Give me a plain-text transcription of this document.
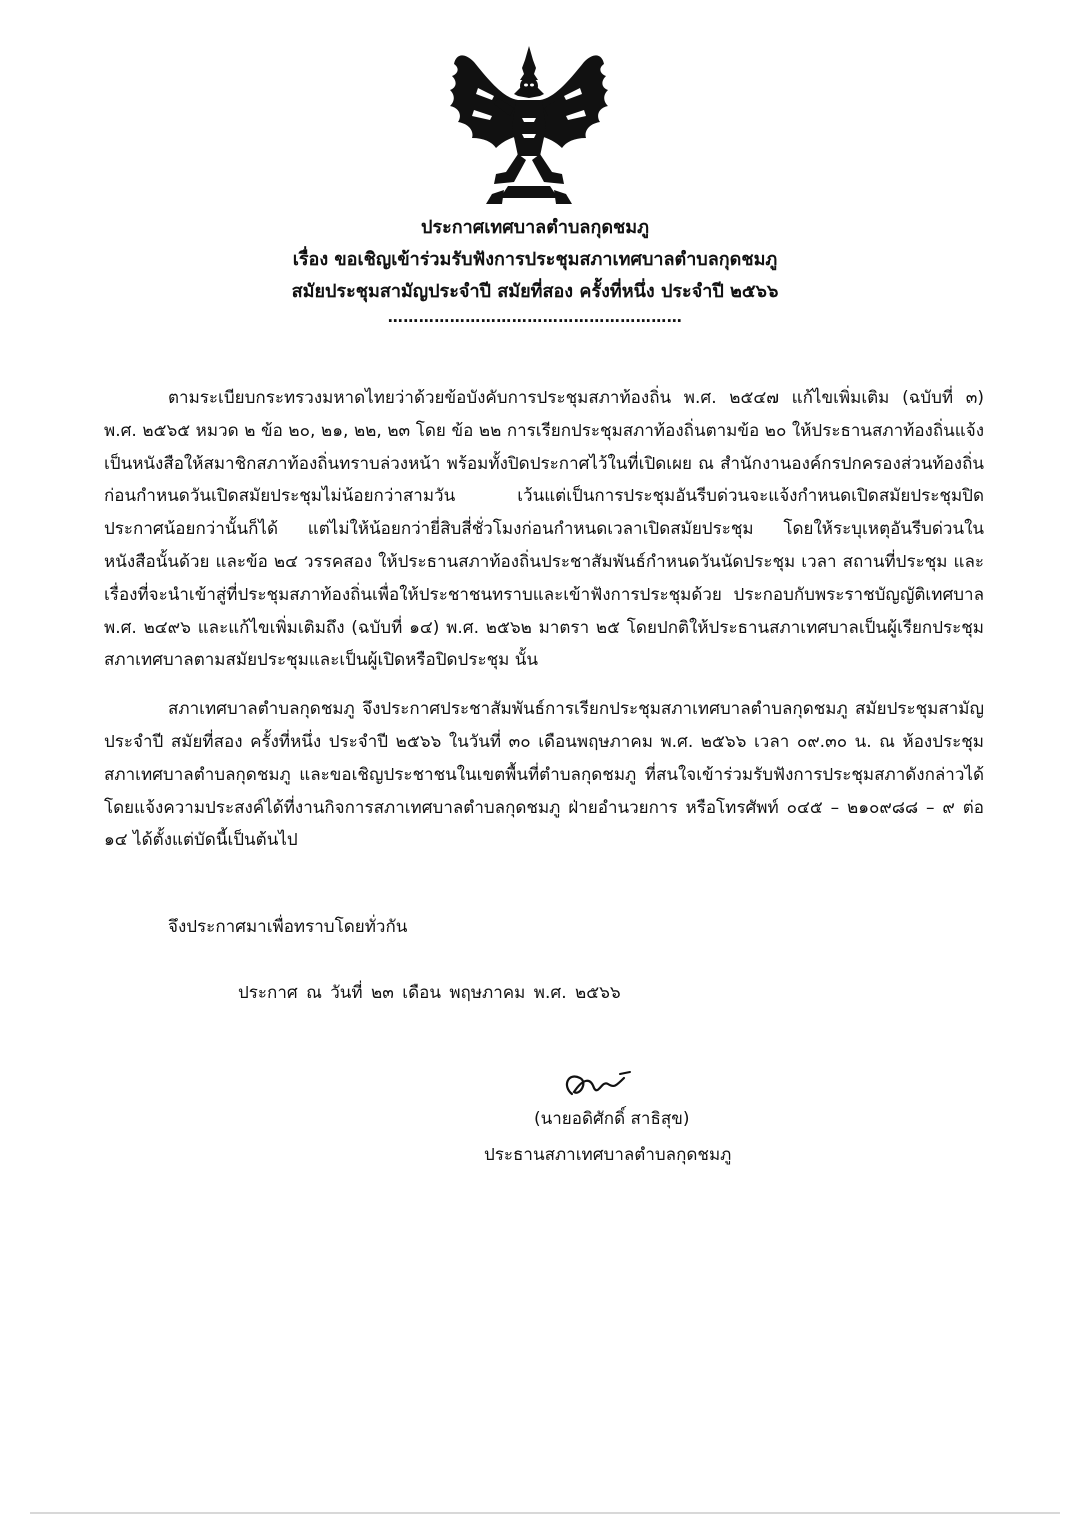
ประกาศเทศบาลตำบลกุดชมภู
เรื่อง ขอเชิญเข้าร่วมรับฟังการประชุมสภาเทศบาลตำบลกุดชมภู
สมัยประชุมสามัญประจำปี สมัยที่สอง ครั้งที่หนึ่ง ประจำปี ๒๕๖๖
…………………………………………………

ตามระเบียบกระทรวงมหาดไทยว่าด้วยข้อบังคับการประชุมสภาท้องถิ่น พ.ศ. ๒๕๔๗ แก้ไขเพิ่มเติม (ฉบับที่ ๓) พ.ศ. ๒๕๖๕ หมวด ๒ ข้อ ๒๐, ๒๑, ๒๒, ๒๓ โดย ข้อ ๒๒ การเรียกประชุมสภาท้องถิ่นตามข้อ ๒๐ ให้ประธานสภาท้องถิ่นแจ้งเป็นหนังสือให้สมาชิกสภาท้องถิ่นทราบล่วงหน้า พร้อมทั้งปิดประกาศไว้ในที่เปิดเผย ณ สำนักงานองค์กรปกครองส่วนท้องถิ่นก่อนกำหนดวันเปิดสมัยประชุมไม่น้อยกว่าสามวัน เว้นแต่เป็นการประชุมอันรีบด่วนจะแจ้งกำหนดเปิดสมัยประชุมปิดประกาศน้อยกว่านั้นก็ได้ แต่ไม่ให้น้อยกว่ายี่สิบสี่ชั่วโมงก่อนกำหนดเวลาเปิดสมัยประชุม โดยให้ระบุเหตุอันรีบด่วนในหนังสือนั้นด้วย และข้อ ๒๔ วรรคสอง ให้ประธานสภาท้องถิ่นประชาสัมพันธ์กำหนดวันนัดประชุม เวลา สถานที่ประชุม และเรื่องที่จะนำเข้าสู่ที่ประชุมสภาท้องถิ่นเพื่อให้ประชาชนทราบและเข้าฟังการประชุมด้วย ประกอบกับพระราชบัญญัติเทศบาล พ.ศ. ๒๔๙๖ และแก้ไขเพิ่มเติมถึง (ฉบับที่ ๑๔) พ.ศ. ๒๕๖๒ มาตรา ๒๕ โดยปกติให้ประธานสภาเทศบาลเป็นผู้เรียกประชุมสภาเทศบาลตามสมัยประชุมและเป็นผู้เปิดหรือปิดประชุม นั้น

สภาเทศบาลตำบลกุดชมภู จึงประกาศประชาสัมพันธ์การเรียกประชุมสภาเทศบาลตำบลกุดชมภู สมัยประชุมสามัญประจำปี สมัยที่สอง ครั้งที่หนึ่ง ประจำปี ๒๕๖๖ ในวันที่ ๓๐ เดือนพฤษภาคม พ.ศ. ๒๕๖๖ เวลา ๐๙.๓๐ น. ณ ห้องประชุมสภาเทศบาลตำบลกุดชมภู และขอเชิญประชาชนในเขตพื้นที่ตำบลกุดชมภู ที่สนใจเข้าร่วมรับฟังการประชุมสภาดังกล่าวได้ โดยแจ้งความประสงค์ได้ที่งานกิจการสภาเทศบาลตำบลกุดชมภู ฝ่ายอำนวยการ หรือโทรศัพท์ ๐๔๕ – ๒๑๐๙๘๘ – ๙ ต่อ ๑๔ ได้ตั้งแต่บัดนี้เป็นต้นไป

จึงประกาศมาเพื่อทราบโดยทั่วกัน
ประกาศ ณ วันที่ ๒๓ เดือน พฤษภาคม พ.ศ. ๒๕๖๖
(นายอดิศักดิ์ สาธิสุข)
ประธานสภาเทศบาลตำบลกุดชมภู
